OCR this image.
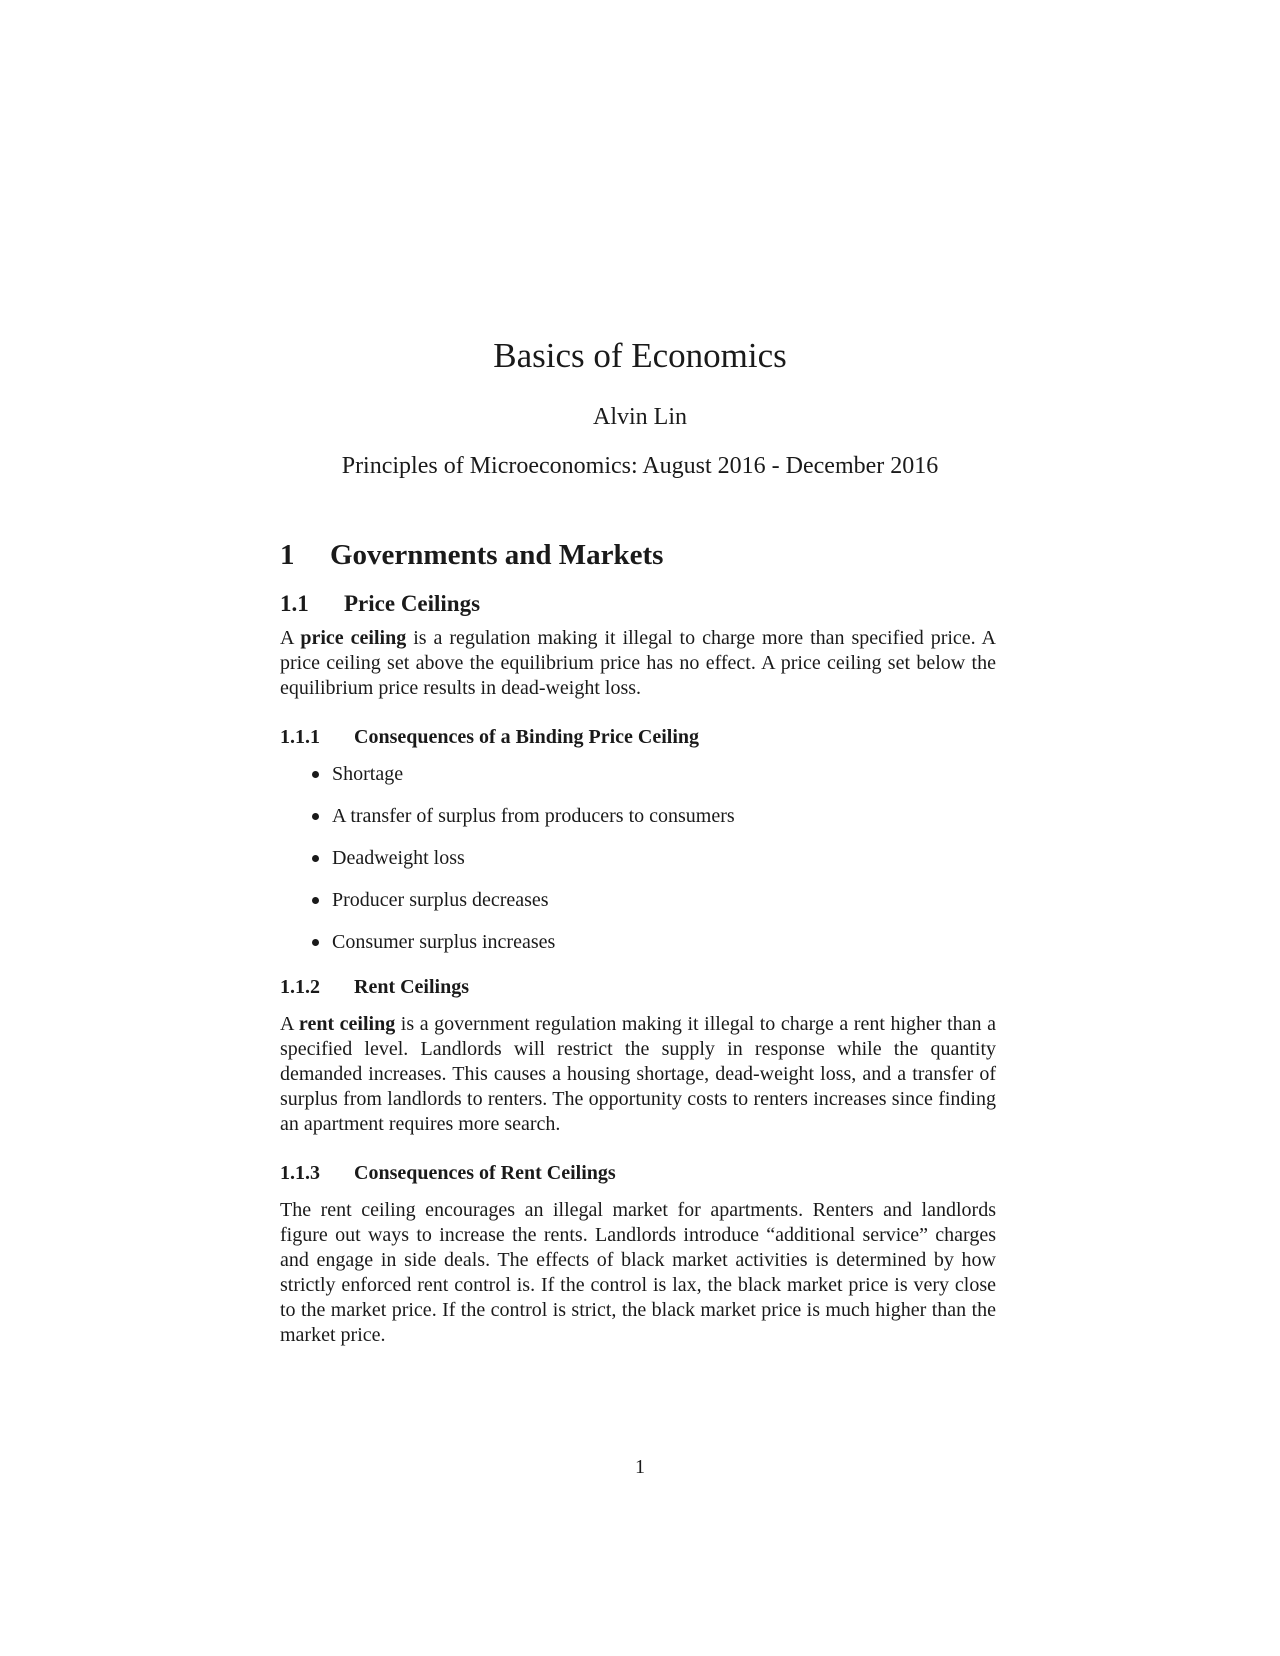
Basics of Economics
Alvin Lin
Principles of Microeconomics: August 2016 - December 2016
1 Governments and Markets
1.1 Price Ceilings

A price ceiling is a regulation making it illegal to charge more than specified price. A price ceiling set above the equilibrium price has no effect. A price ceiling set below the equilibrium price results in dead-weight loss.

1.1.1 Consequences of a Binding Price Ceiling
Shortage
A transfer of surplus from producers to consumers
Deadweight loss
Producer surplus decreases
Consumer surplus increases
1.1.2 Rent Ceilings

A rent ceiling is a government regulation making it illegal to charge a rent higher than a specified level. Landlords will restrict the supply in response while the quantity demanded increases. This causes a housing shortage, dead-weight loss, and a transfer of surplus from landlords to renters. The opportunity costs to renters increases since finding an apartment requires more search.

1.1.3 Consequences of Rent Ceilings

The rent ceiling encourages an illegal market for apartments. Renters and landlords figure out ways to increase the rents. Landlords introduce “additional service” charges and engage in side deals. The effects of black market activities is determined by how strictly enforced rent control is. If the control is lax, the black market price is very close to the market price. If the control is strict, the black market price is much higher than the market price.

1
